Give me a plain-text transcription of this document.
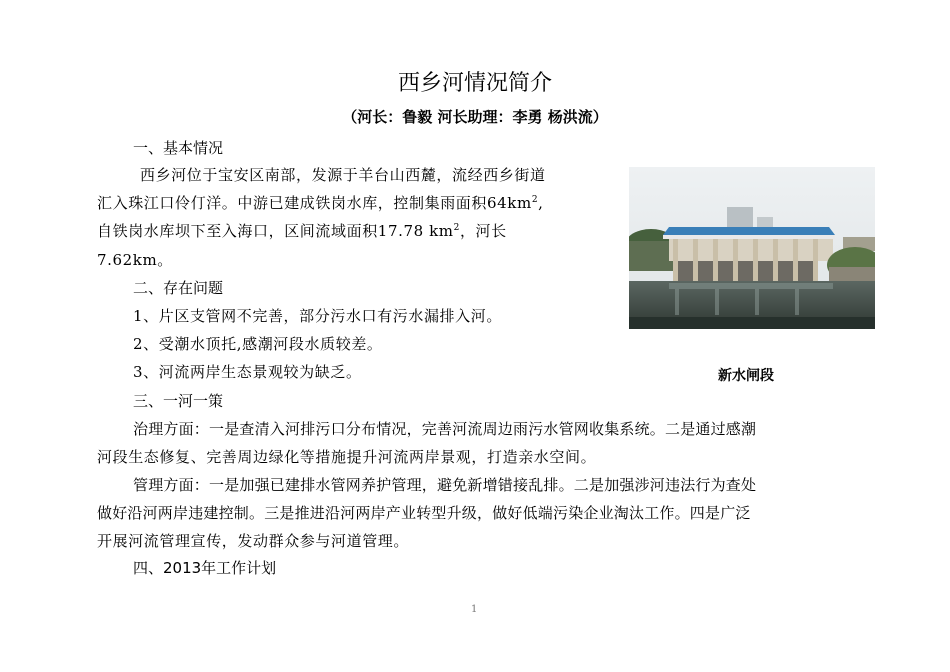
西乡河情况简介
（河长：鲁毅 河长助理：李勇 杨洪流）
一、基本情况
西乡河位于宝安区南部，发源于羊台山西麓，流经西乡街道
汇入珠江口伶仃洋。中游已建成铁岗水库，控制集雨面积$64km^2$,
自铁岗水库坝下至入海口，区间流域面积17.78 $km^2$，河长
7.62km。
二、存在问题
1、片区支管网不完善，部分污水口有污水漏排入河。
2、受潮水顶托,感潮河段水质较差。
3、河流两岸生态景观较为缺乏。	新水闸段
三、一河一策
治理方面：一是查清入河排污口分布情况，完善河流周边雨污水管网收集系统。二是通过感潮
河段生态修复、完善周边绿化等措施提升河流两岸景观，打造亲水空间。
管理方面：一是加强已建排水管网养护管理，避免新增错接乱排。二是加强涉河违法行为查处
做好沿河两岸违建控制。三是推进沿河两岸产业转型升级，做好低端污染企业淘汰工作。四是广泛
开展河流管理宣传，发动群众参与河道管理。
四、2013年工作计划
1
